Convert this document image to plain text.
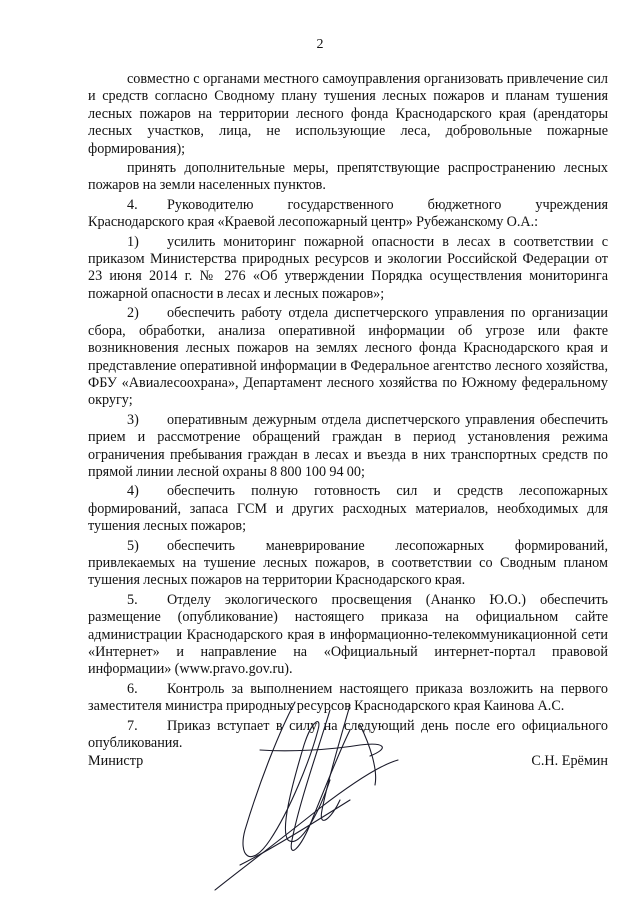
2

совместно с органами местного самоуправления организовать привлечение сил и средств согласно Сводному плану тушения лесных пожаров и планам тушения лесных пожаров на территории лесного фонда Краснодарского края (арендаторы лесных участков, лица, не использующие леса, добровольные пожарные формирования);

принять дополнительные меры, препятствующие распространению лесных пожаров на земли населенных пунктов.

4. Руководителю государственного бюджетного учреждения Краснодарского края «Краевой лесопожарный центр» Рубежанскому О.А.:

1) усилить мониторинг пожарной опасности в лесах в соответствии с приказом Министерства природных ресурсов и экологии Российской Федерации от 23 июня 2014 г. № 276 «Об утверждении Порядка осуществления мониторинга пожарной опасности в лесах и лесных пожаров»;

2) обеспечить работу отдела диспетчерского управления по организации сбора, обработки, анализа оперативной информации об угрозе или факте возникновения лесных пожаров на землях лесного фонда Краснодарского края и представление оперативной информации в Федеральное агентство лесного хозяйства, ФБУ «Авиалесоохрана», Департамент лесного хозяйства по Южному федеральному округу;

3) оперативным дежурным отдела диспетчерского управления обеспечить прием и рассмотрение обращений граждан в период установления режима ограничения пребывания граждан в лесах и въезда в них транспортных средств по прямой линии лесной охраны 8 800 100 94 00;

4) обеспечить полную готовность сил и средств лесопожарных формирований, запаса ГСМ и других расходных материалов, необходимых для тушения лесных пожаров;

5) обеспечить маневрирование лесопожарных формирований, привлекаемых на тушение лесных пожаров, в соответствии со Сводным планом тушения лесных пожаров на территории Краснодарского края.

5. Отделу экологического просвещения (Ананко Ю.О.) обеспечить размещение (опубликование) настоящего приказа на официальном сайте администрации Краснодарского края в информационно-телекоммуникационной сети «Интернет» и направление на «Официальный интернет-портал правовой информации» (www.pravo.gov.ru).

6. Контроль за выполнением настоящего приказа возложить на первого заместителя министра природных ресурсов Краснодарского края Каинова А.С.

7. Приказ вступает в силу на следующий день после его официального опубликования.

Министр	С.Н. Ерёмин
